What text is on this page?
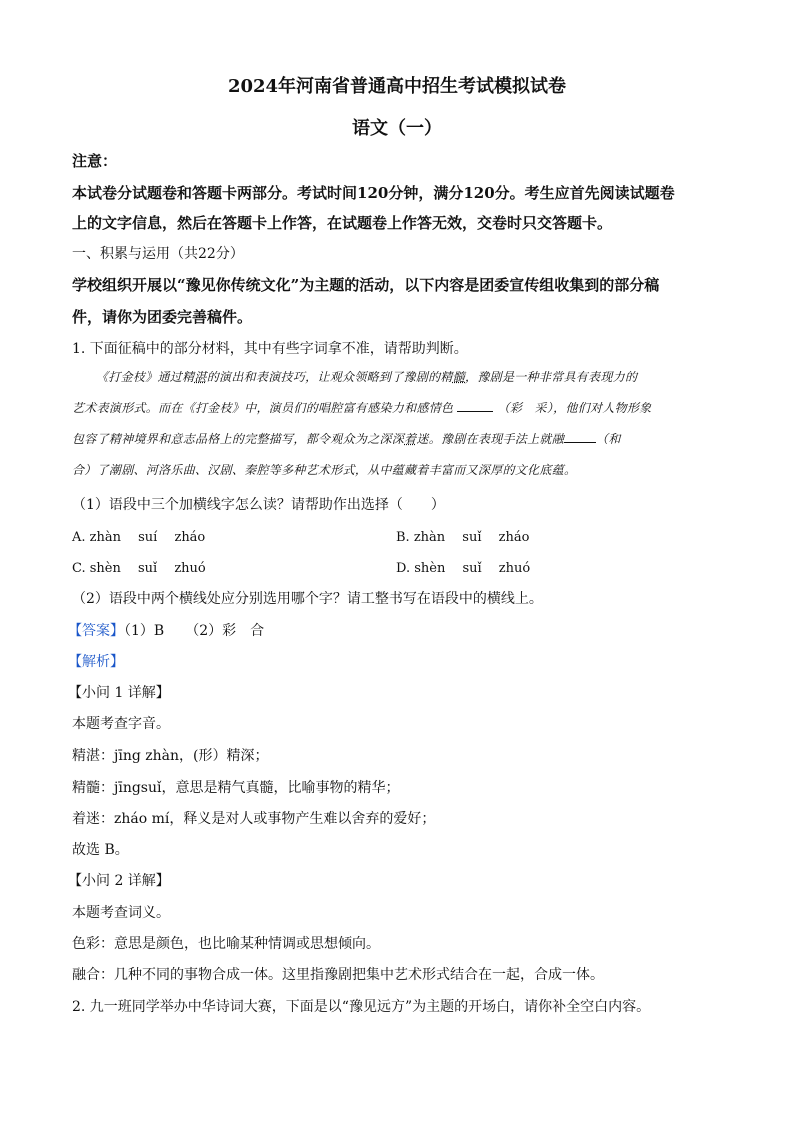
2024年河南省普通高中招生考试模拟试卷
语文（一）
注意：
本试卷分试题卷和答题卡两部分。考试时间120分钟，满分120分。考生应首先阅读试题卷
上的文字信息，然后在答题卡上作答，在试题卷上作答无效，交卷时只交答题卡。
一、积累与运用（共22分）
学校组织开展以“豫见你传统文化”为主题的活动，以下内容是团委宣传组收集到的部分稿
件，请你为团委完善稿件。
1. 下面征稿中的部分材料，其中有些字词拿不准，请帮助判断。
《打金枝》通过精湛的演出和表演技巧，让观众领略到了豫剧的精髓，豫剧是一种非常具有表现力的
艺术表演形式。而在《打金枝》中，演员们的唱腔富有感染力和感情色	（彩　采），他们对人物形象
包容了精神境界和意志品格上的完整描写，都令观众为之深深着迷。豫剧在表现手法上就融	（和
合）了潮剧、河洛乐曲、汉剧、秦腔等多种艺术形式，从中蕴藏着丰富而又深厚的文化底蕴。
（1）语段中三个加横线字怎么读？请帮助作出选择（　　）
A. zhàn　 suí　 zháo	B. zhàn　 suǐ　 zháo
C. shèn　 suǐ　 zhuó	D. shèn　 suǐ　 zhuó
（2）语段中两个横线处应分别选用哪个字？请工整书写在语段中的横线上。
【答案】（1）B　　（2）彩　合
【解析】
【小问 1 详解】
本题考查字音。
精湛：jīng zhàn，(形）精深；
精髓：jīngsuǐ，意思是精气真髓，比喻事物的精华；
着迷：zháo mí，释义是对人或事物产生难以舍弃的爱好；
故选 B。
【小问 2 详解】
本题考查词义。
色彩：意思是颜色，也比喻某种情调或思想倾向。
融合：几种不同的事物合成一体。这里指豫剧把集中艺术形式结合在一起，合成一体。
2. 九一班同学举办中华诗词大赛，下面是以“豫见远方”为主题的开场白，请你补全空白内容。
